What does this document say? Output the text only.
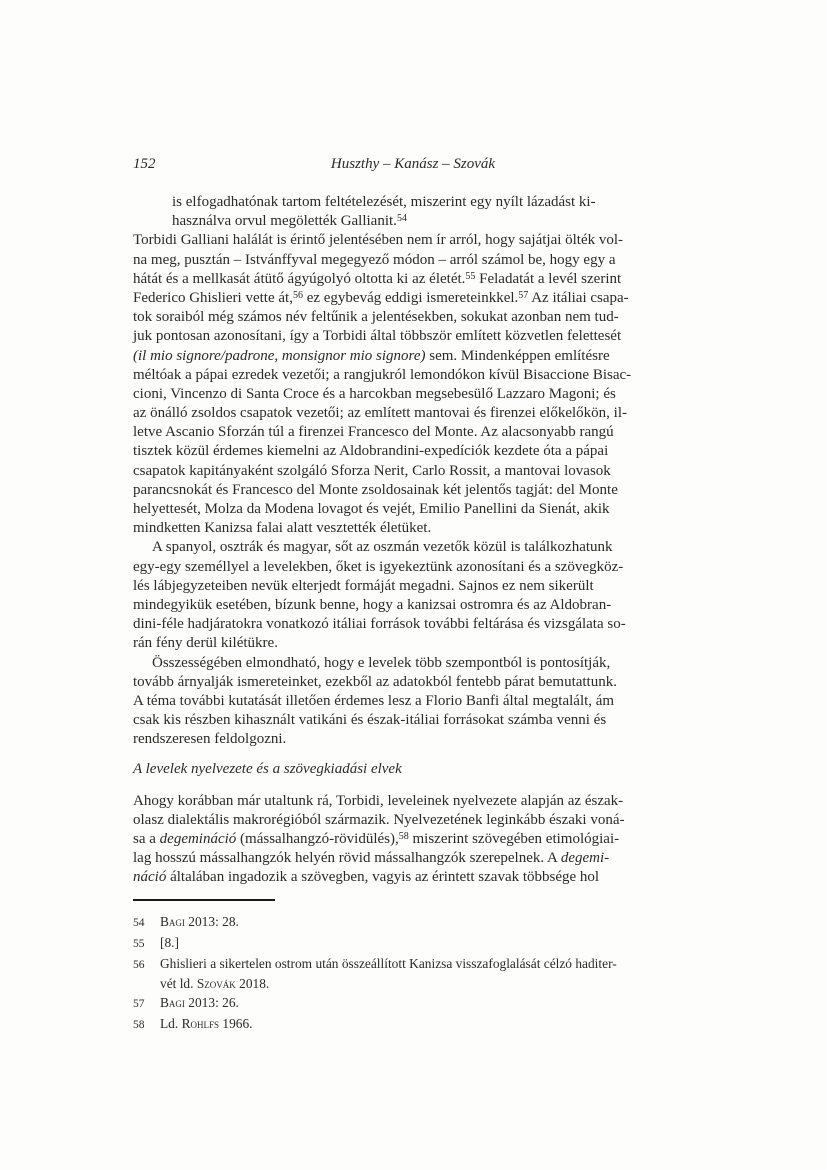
152	Huszthy – Kanász – Szovák
is elfogadhatónak tartom feltételezését, miszerint egy nyílt lázadást ki-
használva orvul megölették Gallianit.$^{54}$
Torbidi Galliani halálát is érintő jelentésében nem ír arról, hogy sajátjai ölték vol-
na meg, pusztán – Istvánffyval megegyező módon – arról számol be, hogy egy a
hátát és a mellkasát átütő ágyúgolyó oltotta ki az életét.$^{55}$ Feladatát a levél szerint
Federico Ghislieri vette át,$^{56}$ ez egybevág eddigi ismereteinkkel.$^{57}$ Az itáliai csapa-
tok soraiból még számos név feltűnik a jelentésekben, sokukat azonban nem tud-
juk pontosan azonosítani, így a Torbidi által többször említett közvetlen felettesét
(il mio signore/padrone, monsignor mio signore) sem. Mindenképpen említésre
méltóak a pápai ezredek vezetői; a rangjukról lemondókon kívül Bisaccione Bisac-
cioni, Vincenzo di Santa Croce és a harcokban megsebesülő Lazzaro Magoni; és
az önálló zsoldos csapatok vezetői; az említett mantovai és firenzei előkelőkön, il-
letve Ascanio Sforzán túl a firenzei Francesco del Monte. Az alacsonyabb rangú
tisztek közül érdemes kiemelni az Aldobrandini-expedíciók kezdete óta a pápai
csapatok kapitányaként szolgáló Sforza Nerit, Carlo Rossit, a mantovai lovasok
parancsnokát és Francesco del Monte zsoldosainak két jelentős tagját: del Monte
helyettesét, Molza da Modena lovagot és vejét, Emilio Panellini da Sienát, akik
mindketten Kanizsa falai alatt vesztették életüket.
A spanyol, osztrák és magyar, sőt az oszmán vezetők közül is találkozhatunk
egy-egy személlyel a levelekben, őket is igyekeztünk azonosítani és a szövegköz-
lés lábjegyzeteiben nevük elterjedt formáját megadni. Sajnos ez nem sikerült
mindegyikük esetében, bízunk benne, hogy a kanizsai ostromra és az Aldobran-
dini-féle hadjáratokra vonatkozó itáliai források további feltárása és vizsgálata so-
rán fény derül kilétükre.
Összességében elmondható, hogy e levelek több szempontból is pontosítják,
tovább árnyalják ismereteinket, ezekből az adatokból fentebb párat bemutattunk.
A téma további kutatását illetően érdemes lesz a Florio Banfi által megtalált, ám
csak kis részben kihasznált vatikáni és észak-itáliai forrásokat számba venni és
rendszeresen feldolgozni.
A levelek nyelvezete és a szövegkiadási elvek
Ahogy korábban már utaltunk rá, Torbidi, leveleinek nyelvezete alapján az észak-
olasz dialektális makrorégióból származik. Nyelvezetének leginkább északi voná-
sa a degemináció (mássalhangzó-rövidülés),$^{58}$ miszerint szövegében etimológiai-
lag hosszú mássalhangzók helyén rövid mássalhangzók szerepelnek. A degemi-
náció általában ingadozik a szövegben, vagyis az érintett szavak többsége hol
54	Bagi 2013: 28.
55	[8.]
56	Ghislieri a sikertelen ostrom után összeállított Kanizsa visszafoglalását célzó haditer-
vét ld. Szovák 2018.
57	Bagi 2013: 26.
58	Ld. Rohlfs 1966.
